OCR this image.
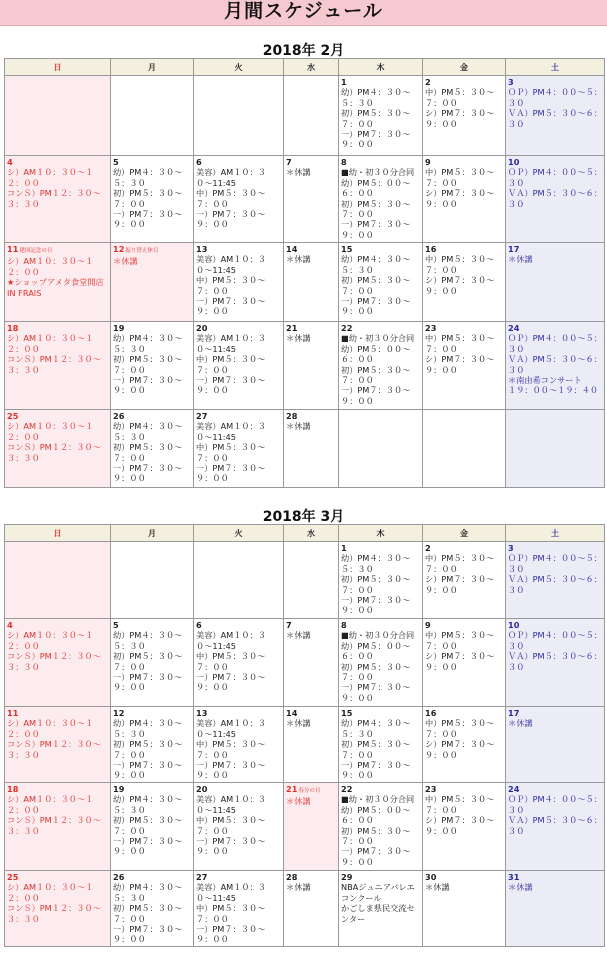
月間スケジュール
2018年 2月
日	月	火	水	木	金	土
				1
幼）PM４：３０〜５：３０
初）PM５：３０〜７：００
一）PM７：３０〜９：００	2
中）PM５：３０〜７：００
シ）PM７：３０〜９：００	3
ＯＰ）PM４：００〜５：３０
ＶＡ）PM５：３０〜６：３０

4
シ）AM１０：３０〜１２：００
コンＳ）PM１２：３０〜３：３０	5
幼）PM４：３０〜５：３０
初）PM５：３０〜７：００
一）PM７：３０〜９：００	6
美容）AM１０：３０〜11:45
中）PM５：３０〜７：００
一）PM７：３０〜９：００	7
＊休講	8
■幼・初３０分合同
幼）PM５：００〜６：００
初）PM５：３０〜７：００
一）PM７：３０〜９：００	9
中）PM５：３０〜７：００
シ）PM７：３０〜９：００	10
ＯＰ）PM４：００〜５：３０
ＶＡ）PM５：３０〜６：３０

11建国記念の日
シ）AM１０：３０〜１２：００
★ショップアメタ食堂開店
IN FRAIS	12振り替え休日
＊休講	13
美容）AM１０：３０〜11:45
中）PM５：３０〜７：００
一）PM７：３０〜９：００	14
＊休講	15
幼）PM４：３０〜５：３０
初）PM５：３０〜７：００
一）PM７：３０〜９：００	16
中）PM５：３０〜７：００
シ）PM７：３０〜９：００	17
＊休講

18
シ）AM１０：３０〜１２：００
コンＳ）PM１２：３０〜３：３０	19
幼）PM４：３０〜５：３０
初）PM５：３０〜７：００
一）PM７：３０〜９：００	20
美容）AM１０：３０〜11:45
中）PM５：３０〜７：００
一）PM７：３０〜９：００	21
＊休講	22
■幼・初３０分合同
幼）PM５：００〜６：００
初）PM５：３０〜７：００
一）PM７：３０〜９：００	23
中）PM５：３０〜７：００
シ）PM７：３０〜９：００	24
ＯＰ）PM４：００〜５：３０
ＶＡ）PM５：３０〜６：３０
＊南由希コンサート
１９：００〜１９：４０

25
シ）AM１０：３０〜１２：００
コンＳ）PM１２：３０〜３：３０	26
幼）PM４：３０〜５：３０
初）PM５：３０〜７：００
一）PM７：３０〜９：００	27
美容）AM１０：３０〜11:45
中）PM５：３０〜７：００
一）PM７：３０〜９：００	28
＊休講			

2018年 3月
日	月	火	水	木	金	土
				1
幼）PM４：３０〜５：３０
初）PM５：３０〜７：００
一）PM７：３０〜９：００	2
中）PM５：３０〜７：００
シ）PM７：３０〜９：００	3
ＯＰ）PM４：００〜５：３０
ＶＡ）PM５：３０〜６：３０

4
シ）AM１０：３０〜１２：００
コンＳ）PM１２：３０〜３：３０	5
幼）PM４：３０〜５：３０
初）PM５：３０〜７：００
一）PM７：３０〜９：００	6
美容）AM１０：３０〜11:45
中）PM５：３０〜７：００
一）PM７：３０〜９：００	7
＊休講	8
■幼・初３０分合同
幼）PM５：００〜６：００
初）PM５：３０〜７：００
一）PM７：３０〜９：００	9
中）PM５：３０〜７：００
シ）PM７：３０〜９：００	10
ＯＰ）PM４：００〜５：３０
ＶＡ）PM５：３０〜６：３０

11
シ）AM１０：３０〜１２：００
コンＳ）PM１２：３０〜３：３０	12
幼）PM４：３０〜５：３０
初）PM５：３０〜７：００
一）PM７：３０〜９：００	13
美容）AM１０：３０〜11:45
中）PM５：３０〜７：００
一）PM７：３０〜９：００	14
＊休講	15
幼）PM４：３０〜５：３０
初）PM５：３０〜７：００
一）PM７：３０〜９：００	16
中）PM５：３０〜７：００
シ）PM７：３０〜９：００	17
＊休講

18
シ）AM１０：３０〜１２：００
コンＳ）PM１２：３０〜３：３０	19
幼）PM４：３０〜５：３０
初）PM５：３０〜７：００
一）PM７：３０〜９：００	20
美容）AM１０：３０〜11:45
中）PM５：３０〜７：００
一）PM７：３０〜９：００	21春分の日
＊休講	22
■幼・初３０分合同
幼）PM５：００〜６：００
初）PM５：３０〜７：００
一）PM７：３０〜９：００	23
中）PM５：３０〜７：００
シ）PM７：３０〜９：００	24
ＯＰ）PM４：００〜５：３０
ＶＡ）PM５：３０〜６：３０

25
シ）AM１０：３０〜１２：００
コンＳ）PM１２：３０〜３：３０	26
幼）PM４：３０〜５：３０
初）PM５：３０〜７：００
一）PM７：３０〜９：００	27
美容）AM１０：３０〜11:45
中）PM５：３０〜７：００
一）PM７：３０〜９：００	28
＊休講	29
NBAジュニアバレエコンクール
かごしま県民交流センター	30
＊休講	31
＊休講
